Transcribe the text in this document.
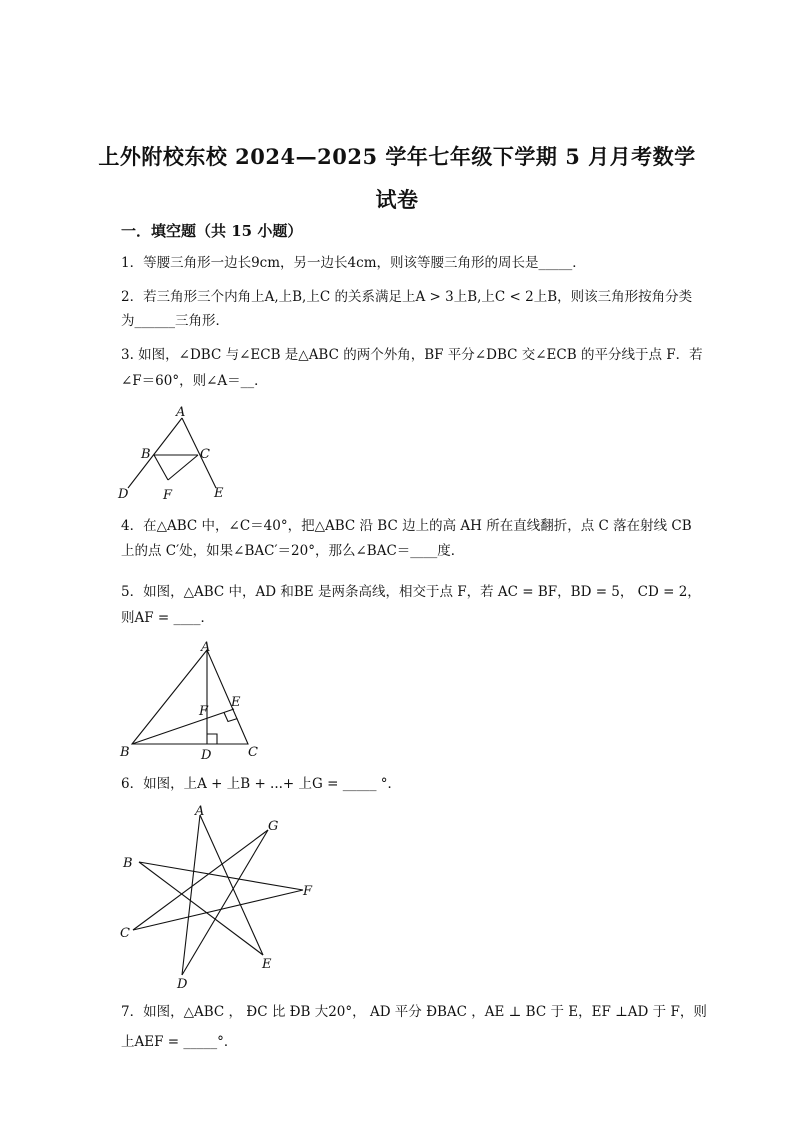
上外附校东校 2024—2025 学年七年级下学期 5 月月考数学
试卷
一．填空题（共 15 小题）
1．等腰三角形一边长9cm，另一边长4cm，则该等腰三角形的周长是_____．
2．若三角形三个内角上A,上B,上C 的关系满足上A > 3上B,上C < 2上B，则该三角形按角分类
为______三角形．
3. 如图，∠DBC 与∠ECB 是△ABC 的两个外角，BF 平分∠DBC 交∠ECB 的平分线于点 F．若
∠F＝60°，则∠A＝__．
A
B	C
D	E
F
4．在△ABC 中，∠C＝40°，把△ABC 沿 BC 边上的高 AH 所在直线翻折，点 C 落在射线 CB
上的点 C′处，如果∠BAC′＝20°，那么∠BAC＝____度．
5．如图，△ABC 中，AD 和BE 是两条高线，相交于点 F，若 AC = BF，BD = 5， CD = 2，
则AF = ____．
A
B	C
D
E
F
6．如图，上A + 上B + ...+ 上G = _____ °．
A
B
C
D
E
F
G
7．如图，△ABC ， ÐC 比 ÐB 大20°， AD 平分 ÐBAC ，AE ⊥ BC 于 E，EF ⊥AD 于 F，则
上AEF = _____°．
